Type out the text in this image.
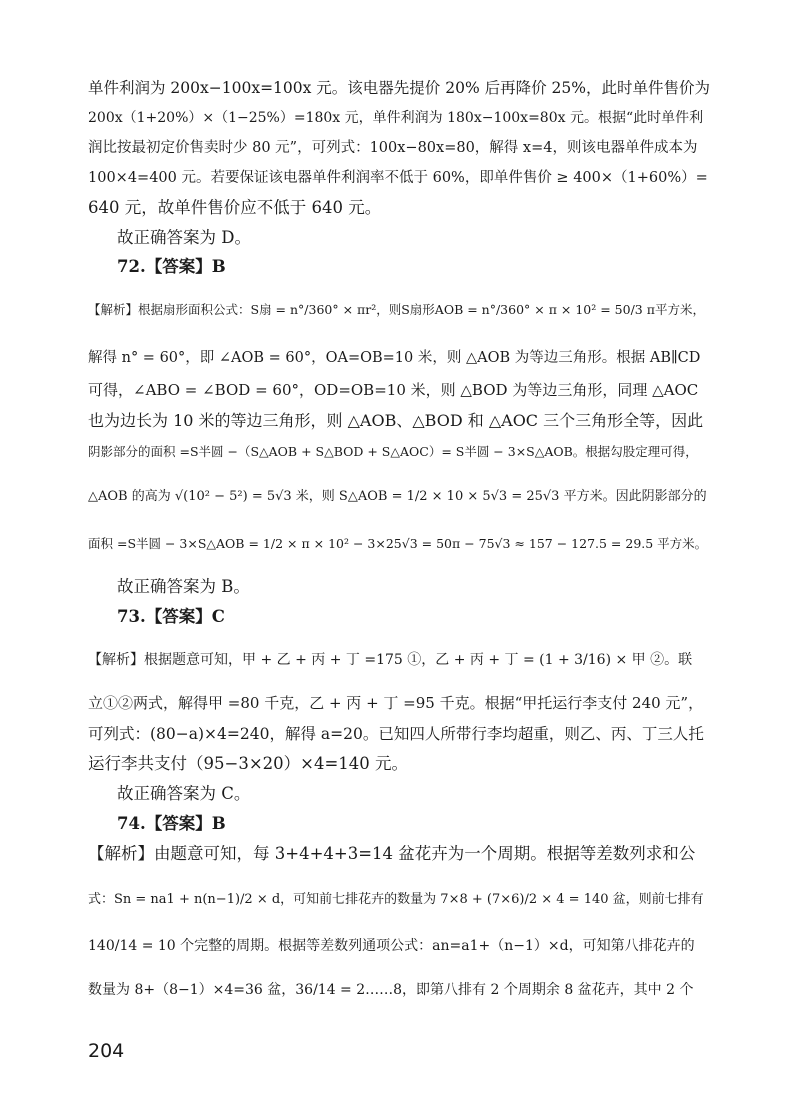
单件利润为 200x−100x=100x 元。该电器先提价 20% 后再降价 25%，此时单件售价为
200x（1+20%）×（1−25%）=180x 元，单件利润为 180x−100x=80x 元。根据“此时单件利
润比按最初定价售卖时少 80 元”，可列式：100x−80x=80，解得 x=4，则该电器单件成本为
100×4=400 元。若要保证该电器单件利润率不低于 60%，即单件售价 ≥ 400×（1+60%）=
640 元，故单件售价应不低于 640 元。
故正确答案为 D。
72.【答案】B
【解析】根据扇形面积公式：S扇 = n°/360° × πr²，则S扇形AOB = n°/360° × π × 10² = 50/3 π平方米，
解得 n° = 60°，即 ∠AOB = 60°，OA=OB=10 米，则 △AOB 为等边三角形。根据 AB∥CD
可得，∠ABO = ∠BOD = 60°，OD=OB=10 米，则 △BOD 为等边三角形，同理 △AOC
也为边长为 10 米的等边三角形，则 △AOB、△BOD 和 △AOC 三个三角形全等，因此
阴影部分的面积 =S半圆 −（S△AOB + S△BOD + S△AOC）= S半圆 − 3×S△AOB。根据勾股定理可得，
△AOB 的高为 √(10² − 5²) = 5√3 米，则 S△AOB = 1/2 × 10 × 5√3 = 25√3 平方米。因此阴影部分的
面积 =S半圆 − 3×S△AOB = 1/2 × π × 10² − 3×25√3 = 50π − 75√3 ≈ 157 − 127.5 = 29.5 平方米。
故正确答案为 B。
73.【答案】C
【解析】根据题意可知，甲 + 乙 + 丙 + 丁 =175 ①，乙 + 丙 + 丁 = (1 + 3/16) × 甲 ②。联
立①②两式，解得甲 =80 千克，乙 + 丙 + 丁 =95 千克。根据“甲托运行李支付 240 元”，
可列式：(80−a)×4=240，解得 a=20。已知四人所带行李均超重，则乙、丙、丁三人托
运行李共支付（95−3×20）×4=140 元。
故正确答案为 C。
74.【答案】B
【解析】由题意可知，每 3+4+4+3=14 盆花卉为一个周期。根据等差数列求和公
式：Sn = na1 + n(n−1)/2 × d，可知前七排花卉的数量为 7×8 + (7×6)/2 × 4 = 140 盆，则前七排有
140/14 = 10 个完整的周期。根据等差数列通项公式：an=a1+（n−1）×d，可知第八排花卉的
数量为 8+（8−1）×4=36 盆，36/14 = 2……8，即第八排有 2 个周期余 8 盆花卉，其中 2 个
204
